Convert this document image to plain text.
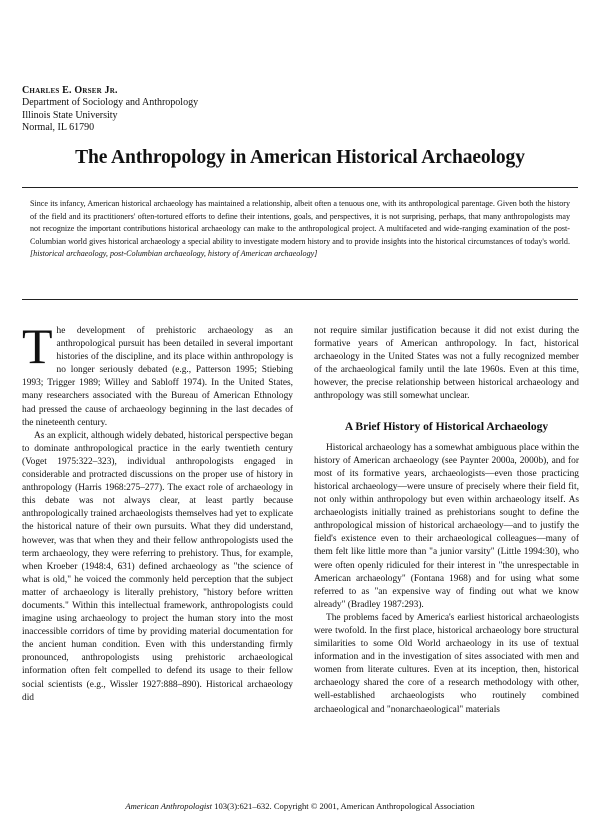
Charles E. Orser Jr.
Department of Sociology and Anthropology
Illinois State University
Normal, IL 61790
The Anthropology in American Historical Archaeology

Since its infancy, American historical archaeology has maintained a relationship, albeit often a tenuous one, with its anthropological parentage. Given both the history of the field and its practitioners' often-tortured efforts to define their intentions, goals, and perspectives, it is not surprising, perhaps, that many anthropologists may not recognize the important contributions historical archaeology can make to the anthropological project. A multifaceted and wide-ranging examination of the post-Columbian world gives historical archaeology a special ability to investigate modern history and to provide insights into the historical circumstances of today's world. [historical archaeology, post-Columbian archaeology, history of American archaeology]

The development of prehistoric archaeology as an anthropological pursuit has been detailed in several important histories of the discipline, and its place within anthropology is no longer seriously debated (e.g., Patterson 1995; Stiebing 1993; Trigger 1989; Willey and Sabloff 1974). In the United States, many researchers associated with the Bureau of American Ethnology had pressed the cause of archaeology beginning in the last decades of the nineteenth century.

As an explicit, although widely debated, historical perspective began to dominate anthropological practice in the early twentieth century (Voget 1975:322–323), individual anthropologists engaged in considerable and protracted discussions on the proper use of history in anthropology (Harris 1968:275–277). The exact role of archaeology in this debate was not always clear, at least partly because anthropologically trained archaeologists themselves had yet to explicate the historical nature of their own pursuits. What they did understand, however, was that when they and their fellow anthropologists used the term archaeology, they were referring to prehistory. Thus, for example, when Kroeber (1948:4, 631) defined archaeology as "the science of what is old," he voiced the commonly held perception that the subject matter of archaeology is literally prehistory, "history before written documents." Within this intellectual framework, anthropologists could imagine using archaeology to project the human story into the most inaccessible corridors of time by providing material documentation for the ancient human condition. Even with this understanding firmly pronounced, anthropologists using prehistoric archaeological information often felt compelled to defend its usage to their fellow social scientists (e.g., Wissler 1927:888–890). Historical archaeology did

not require similar justification because it did not exist during the formative years of American anthropology. In fact, historical archaeology in the United States was not a fully recognized member of the archaeological family until the late 1960s. Even at this time, however, the precise relationship between historical archaeology and anthropology was still somewhat unclear.

A Brief History of Historical Archaeology

Historical archaeology has a somewhat ambiguous place within the history of American archaeology (see Paynter 2000a, 2000b), and for most of its formative years, archaeologists—even those practicing historical archaeology—were unsure of precisely where their field fit, not only within anthropology but even within archaeology itself. As archaeologists initially trained as prehistorians sought to define the anthropological mission of historical archaeology—and to justify the field's existence even to their archaeological colleagues—many of them felt like little more than "a junior varsity" (Little 1994:30), who were often openly ridiculed for their interest in "the unrespectable in American archaeology" (Fontana 1968) and for using what some referred to as "an expensive way of finding out what we know already" (Bradley 1987:293).

The problems faced by America's earliest historical archaeologists were twofold. In the first place, historical archaeology bore structural similarities to some Old World archaeology in its use of textual information and in the investigation of sites associated with men and women from literate cultures. Even at its inception, then, historical archaeology shared the core of a research methodology with other, well-established archaeologists who routinely combined archaeological and "nonarchaeological" materials

American Anthropologist 103(3):621–632. Copyright © 2001, American Anthropological Association
